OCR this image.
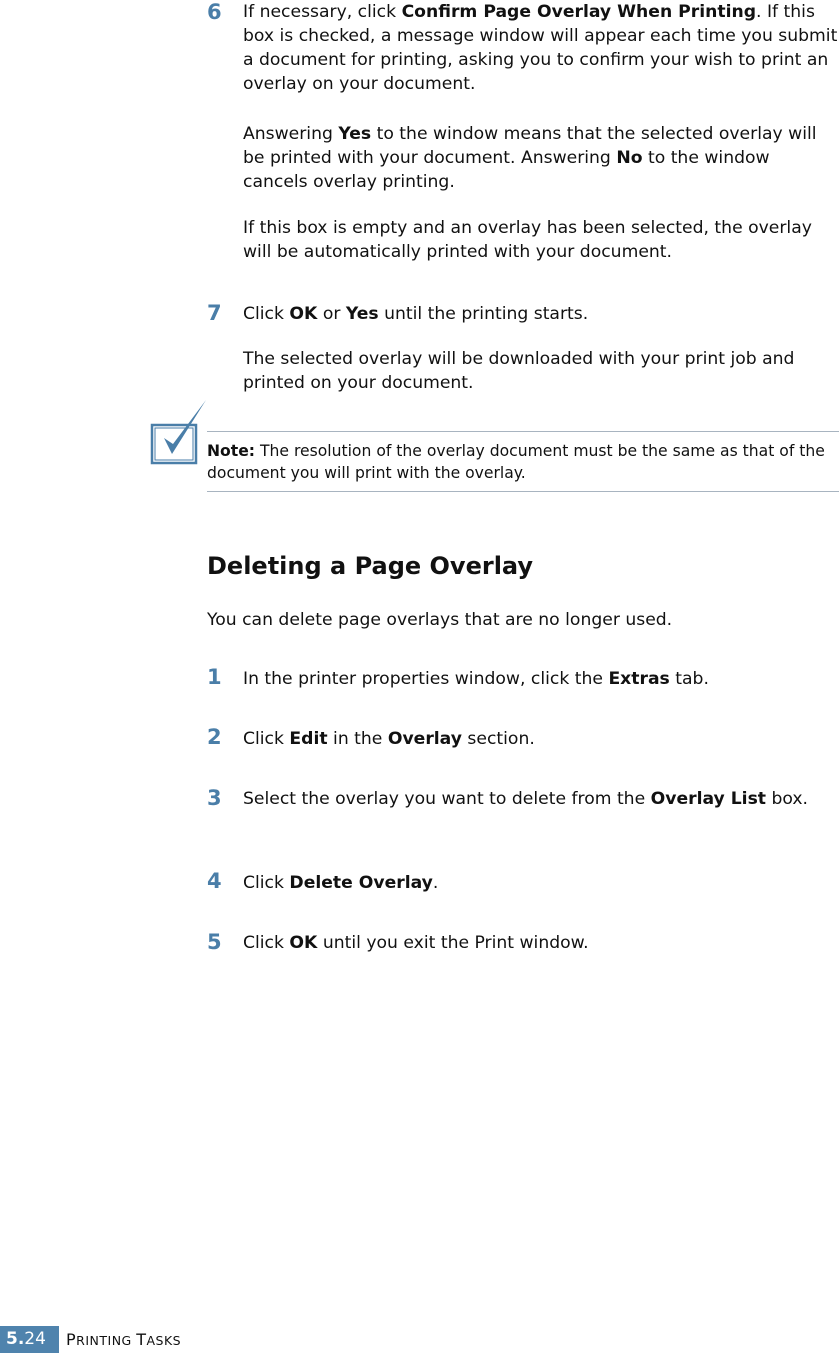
6	If necessary, click Confirm Page Overlay When Printing. If this box is checked, a message window will appear each time you submit a document for printing, asking you to confirm your wish to print an overlay on your document.

Answering Yes to the window means that the selected overlay will be printed with your document. Answering No to the window cancels overlay printing.

If this box is empty and an overlay has been selected, the overlay will be automatically printed with your document.

7	Click OK or Yes until the printing starts.

The selected overlay will be downloaded with your print job and printed on your document.

Note: The resolution of the overlay document must be the same as that of the document you will print with the overlay.

Deleting a Page Overlay

You can delete page overlays that are no longer used.

1	In the printer properties window, click the Extras tab.

2	Click Edit in the Overlay section.

3	Select the overlay you want to delete from the Overlay List box.

4	Click Delete Overlay.

5	Click OK until you exit the Print window.

5.24	PRINTING TASKS
